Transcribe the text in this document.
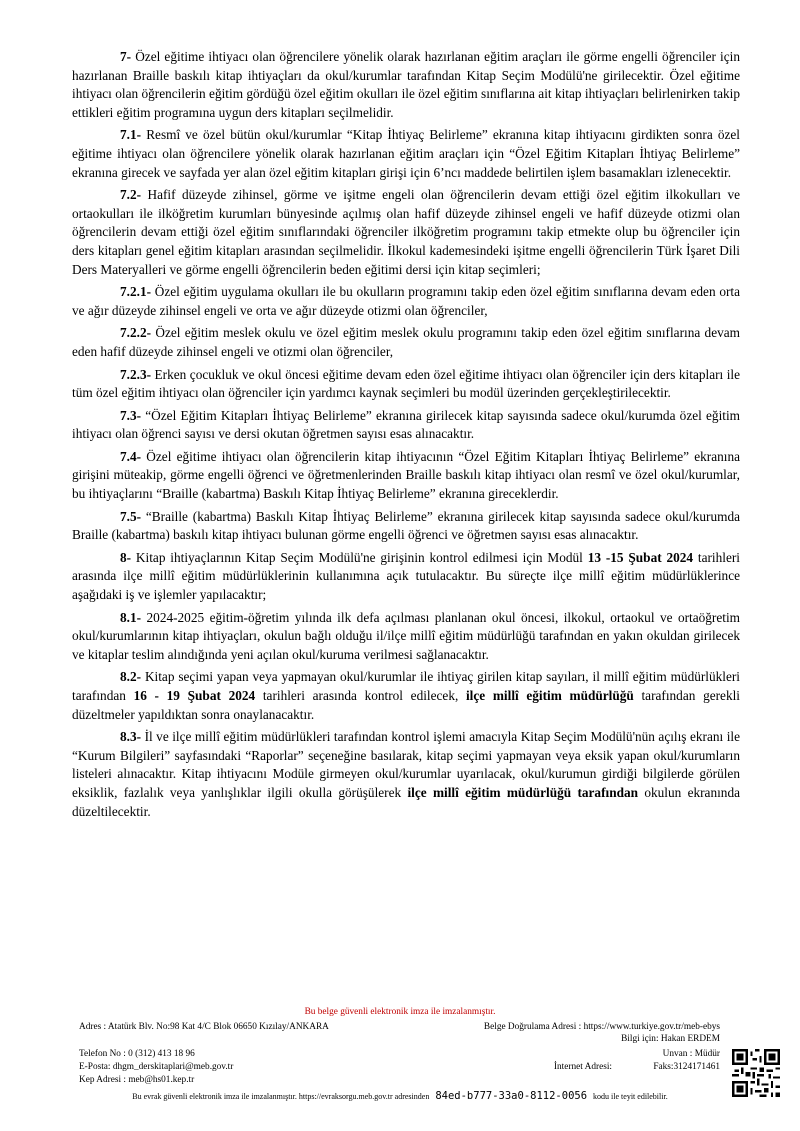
7- Özel eğitime ihtiyacı olan öğrencilere yönelik olarak hazırlanan eğitim araçları ile görme engelli öğrenciler için hazırlanan Braille baskılı kitap ihtiyaçları da okul/kurumlar tarafından Kitap Seçim Modülü'ne girilecektir. Özel eğitime ihtiyacı olan öğrencilerin eğitim gördüğü özel eğitim okulları ile özel eğitim sınıflarına ait kitap ihtiyaçları belirlenirken takip ettikleri eğitim programına uygun ders kitapları seçilmelidir.

7.1- Resmî ve özel bütün okul/kurumlar “Kitap İhtiyaç Belirleme” ekranına kitap ihtiyacını girdikten sonra özel eğitime ihtiyacı olan öğrencilere yönelik olarak hazırlanan eğitim araçları için “Özel Eğitim Kitapları İhtiyaç Belirleme” ekranına girecek ve sayfada yer alan özel eğitim kitapları girişi için 6’ncı maddede belirtilen işlem basamakları izlenecektir.

7.2- Hafif düzeyde zihinsel, görme ve işitme engeli olan öğrencilerin devam ettiği özel eğitim ilkokulları ve ortaokulları ile ilköğretim kurumları bünyesinde açılmış olan hafif düzeyde zihinsel engeli ve hafif düzeyde otizmi olan öğrencilerin devam ettiği özel eğitim sınıflarındaki öğrenciler ilköğretim programını takip etmekte olup bu öğrenciler için ders kitapları genel eğitim kitapları arasından seçilmelidir. İlkokul kademesindeki işitme engelli öğrencilerin Türk İşaret Dili Ders Materyalleri ve görme engelli öğrencilerin beden eğitimi dersi için kitap seçimleri;

7.2.1- Özel eğitim uygulama okulları ile bu okulların programını takip eden özel eğitim sınıflarına devam eden orta ve ağır düzeyde zihinsel engeli ve orta ve ağır düzeyde otizmi olan öğrenciler,

7.2.2- Özel eğitim meslek okulu ve özel eğitim meslek okulu programını takip eden özel eğitim sınıflarına devam eden hafif düzeyde zihinsel engeli ve otizmi olan öğrenciler,

7.2.3- Erken çocukluk ve okul öncesi eğitime devam eden özel eğitime ihtiyacı olan öğrenciler için ders kitapları ile tüm özel eğitim ihtiyacı olan öğrenciler için yardımcı kaynak seçimleri bu modül üzerinden gerçekleştirilecektir.

7.3- “Özel Eğitim Kitapları İhtiyaç Belirleme” ekranına girilecek kitap sayısında sadece okul/kurumda özel eğitim ihtiyacı olan öğrenci sayısı ve dersi okutan öğretmen sayısı esas alınacaktır.

7.4- Özel eğitime ihtiyacı olan öğrencilerin kitap ihtiyacının “Özel Eğitim Kitapları İhtiyaç Belirleme” ekranına girişini müteakip, görme engelli öğrenci ve öğretmenlerinden Braille baskılı kitap ihtiyacı olan resmî ve özel okul/kurumlar, bu ihtiyaçlarını “Braille (kabartma) Baskılı Kitap İhtiyaç Belirleme” ekranına gireceklerdir.

7.5- “Braille (kabartma) Baskılı Kitap İhtiyaç Belirleme” ekranına girilecek kitap sayısında sadece okul/kurumda Braille (kabartma) baskılı kitap ihtiyacı bulunan görme engelli öğrenci ve öğretmen sayısı esas alınacaktır.

8- Kitap ihtiyaçlarının Kitap Seçim Modülü'ne girişinin kontrol edilmesi için Modül 13 -15 Şubat 2024 tarihleri arasında ilçe millî eğitim müdürlüklerinin kullanımına açık tutulacaktır. Bu süreçte ilçe millî eğitim müdürlüklerince aşağıdaki iş ve işlemler yapılacaktır;

8.1- 2024-2025 eğitim-öğretim yılında ilk defa açılması planlanan okul öncesi, ilkokul, ortaokul ve ortaöğretim okul/kurumlarının kitap ihtiyaçları, okulun bağlı olduğu il/ilçe millî eğitim müdürlüğü tarafından en yakın okuldan girilecek ve kitaplar teslim alındığında yeni açılan okul/kuruma verilmesi sağlanacaktır.

8.2- Kitap seçimi yapan veya yapmayan okul/kurumlar ile ihtiyaç girilen kitap sayıları, il millî eğitim müdürlükleri tarafından 16 - 19 Şubat 2024 tarihleri arasında kontrol edilecek, ilçe millî eğitim müdürlüğü tarafından gerekli düzeltmeler yapıldıktan sonra onaylanacaktır.

8.3- İl ve ilçe millî eğitim müdürlükleri tarafından kontrol işlemi amacıyla Kitap Seçim Modülü'nün açılış ekranı ile “Kurum Bilgileri” sayfasındaki “Raporlar” seçeneğine basılarak, kitap seçimi yapmayan veya eksik yapan okul/kurumların listeleri alınacaktır. Kitap ihtiyacını Modüle girmeyen okul/kurumlar uyarılacak, okul/kurumun girdiği bilgilerde görülen eksiklik, fazlalık veya yanlışlıklar ilgili okulla görüşülerek ilçe millî eğitim müdürlüğü tarafından okulun ekranında düzeltilecektir.

Bu belge güvenli elektronik imza ile imzalanmıştır.
Adres : Atatürk Blv. No:98 Kat 4/C Blok 06650 Kızılay/ANKARA	Belge Doğrulama Adresi : https://www.turkiye.gov.tr/meb-ebys
Bilgi için: Hakan ERDEM
Telefon No : 0 (312) 413 18 96	Unvan : Müdür
E-Posta: dhgm_derskitaplari@meb.gov.tr	İnternet Adresi:	Faks:3124171461
Kep Adresi : meb@hs01.kep.tr
Bu evrak güvenli elektronik imza ile imzalanmıştır. https://evraksorgu.meb.gov.tr adresinden 84ed-b777-33a0-8112-0056 kodu ile teyit edilebilir.
